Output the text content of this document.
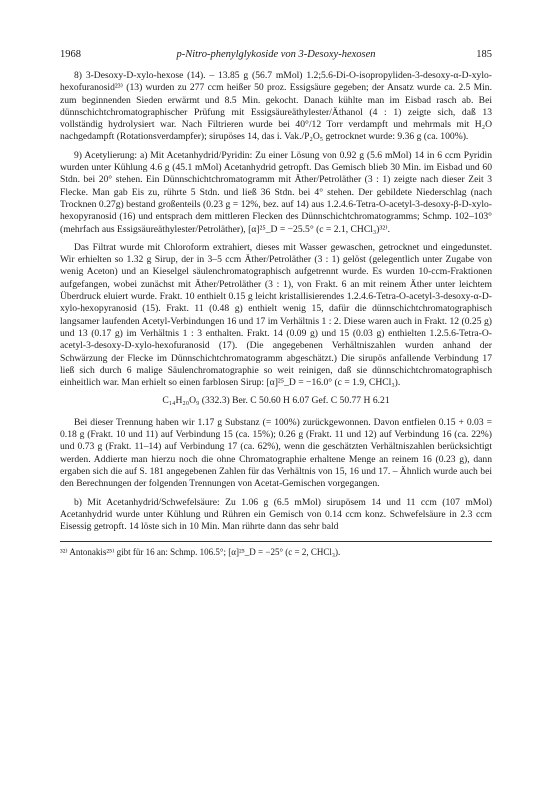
1968	p-Nitro-phenylglykoside von 3-Desoxy-hexosen	185

8) 3-Desoxy-D-xylo-hexose (14). – 13.85 g (56.7 mMol) 1.2;5.6-Di-O-isopropyliden-3-desoxy-α-D-xylo-hexofuranosid²³⁾ (13) wurden zu 277 ccm heißer 50 proz. Essigsäure gegeben; der Ansatz wurde ca. 2.5 Min. zum beginnenden Sieden erwärmt und 8.5 Min. gekocht. Danach kühlte man im Eisbad rasch ab. Bei dünnschichtchromatographischer Prüfung mit Essigsäureäthylester/Äthanol (4 : 1) zeigte sich, daß 13 vollständig hydrolysiert war. Nach Filtrieren wurde bei 40°/12 Torr verdampft und mehrmals mit H₂O nachgedampft (Rotationsverdampfer); sirupöses 14, das i. Vak./P₂O₅ getrocknet wurde: 9.36 g (ca. 100%).

9) Acetylierung: a) Mit Acetanhydrid/Pyridin: Zu einer Lösung von 0.92 g (5.6 mMol) 14 in 6 ccm Pyridin wurden unter Kühlung 4.6 g (45.1 mMol) Acetanhydrid getropft. Das Gemisch blieb 30 Min. im Eisbad und 60 Stdn. bei 20° stehen. Ein Dünnschichtchromatogramm mit Äther/Petroläther (3 : 1) zeigte nach dieser Zeit 3 Flecke. Man gab Eis zu, rührte 5 Stdn. und ließ 36 Stdn. bei 4° stehen. Der gebildete Niederschlag (nach Trocknen 0.27g) bestand großenteils (0.23 g = 12%, bez. auf 14) aus 1.2.4.6-Tetra-O-acetyl-3-desoxy-β-D-xylo-hexopyranosid (16) und entsprach dem mittleren Flecken des Dünnschichtchromatogramms; Schmp. 102–103° (mehrfach aus Essigsäureäthylester/Petroläther), [α]²⁵_D = −25.5° (c = 2.1, CHCl₃)³²⁾.

Das Filtrat wurde mit Chloroform extrahiert, dieses mit Wasser gewaschen, getrocknet und eingedunstet. Wir erhielten so 1.32 g Sirup, der in 3–5 ccm Äther/Petroläther (3 : 1) gelöst (gelegentlich unter Zugabe von wenig Aceton) und an Kieselgel säulenchromatographisch aufgetrennt wurde. Es wurden 10-ccm-Fraktionen aufgefangen, wobei zunächst mit Äther/Petroläther (3 : 1), von Frakt. 6 an mit reinem Äther unter leichtem Überdruck eluiert wurde. Frakt. 10 enthielt 0.15 g leicht kristallisierendes 1.2.4.6-Tetra-O-acetyl-3-desoxy-α-D-xylo-hexopyranosid (15). Frakt. 11 (0.48 g) enthielt wenig 15, dafür die dünnschichtchromatographisch langsamer laufenden Acetyl-Verbindungen 16 und 17 im Verhältnis 1 : 2. Diese waren auch in Frakt. 12 (0.25 g) und 13 (0.17 g) im Verhältnis 1 : 3 enthalten. Frakt. 14 (0.09 g) und 15 (0.03 g) enthielten 1.2.5.6-Tetra-O-acetyl-3-desoxy-D-xylo-hexofuranosid (17). (Die angegebenen Verhältniszahlen wurden anhand der Schwärzung der Flecke im Dünnschichtchromatogramm abgeschätzt.) Die sirupös anfallende Verbindung 17 ließ sich durch 6 malige Säulenchromatographie so weit reinigen, daß sie dünnschichtchromatographisch einheitlich war. Man erhielt so einen farblosen Sirup: [α]²⁵_D = −16.0° (c = 1.9, CHCl₃).

C₁₄H₂₀O₉ (332.3) Ber. C 50.60 H 6.07 Gef. C 50.77 H 6.21

Bei dieser Trennung haben wir 1.17 g Substanz (= 100%) zurückgewonnen. Davon entfielen 0.15 + 0.03 = 0.18 g (Frakt. 10 und 11) auf Verbindung 15 (ca. 15%); 0.26 g (Frakt. 11 und 12) auf Verbindung 16 (ca. 22%) und 0.73 g (Frakt. 11–14) auf Verbindung 17 (ca. 62%), wenn die geschätzten Verhältniszahlen berücksichtigt werden. Addierte man hierzu noch die ohne Chromatographie erhaltene Menge an reinem 16 (0.23 g), dann ergaben sich die auf S. 181 angegebenen Zahlen für das Verhältnis von 15, 16 und 17. – Ähnlich wurde auch bei den Berechnungen der folgenden Trennungen von Acetat-Gemischen vorgegangen.

b) Mit Acetanhydrid/Schwefelsäure: Zu 1.06 g (6.5 mMol) sirupösem 14 und 11 ccm (107 mMol) Acetanhydrid wurde unter Kühlung und Rühren ein Gemisch von 0.14 ccm konz. Schwefelsäure in 2.3 ccm Eisessig getropft. 14 löste sich in 10 Min. Man rührte dann das sehr bald

³²⁾ Antonakis²⁵⁾ gibt für 16 an: Schmp. 106.5°; [α]²⁵_D = −25° (c = 2, CHCl₃).
